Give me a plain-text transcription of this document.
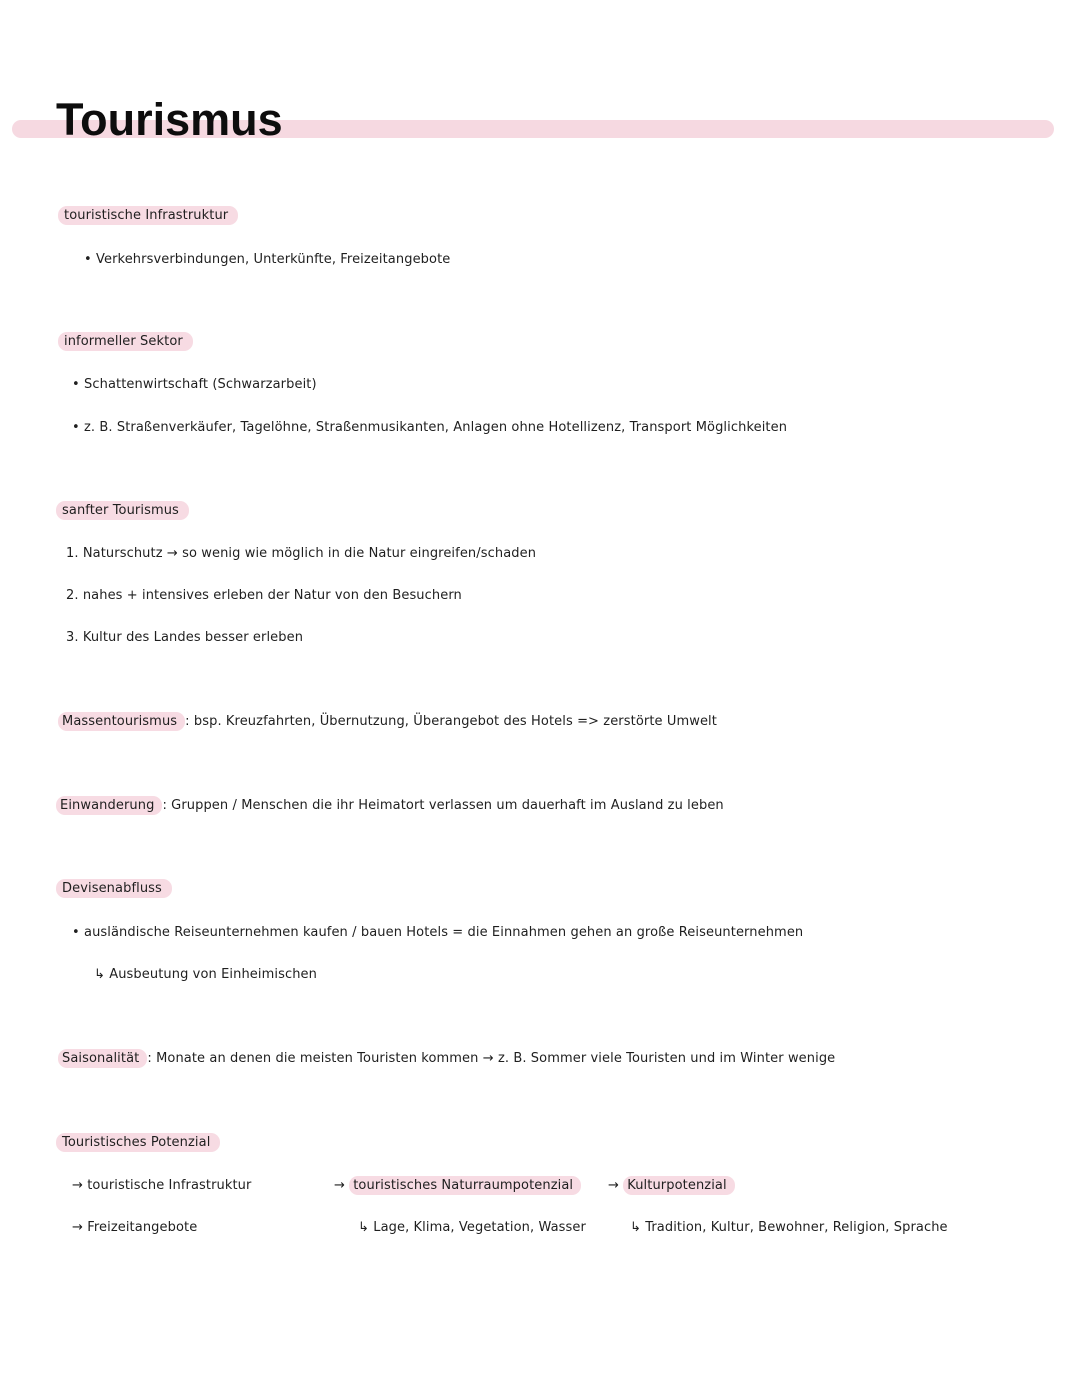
Tourismus
touristische Infrastruktur
• Verkehrsverbindungen, Unterkünfte, Freizeitangebote
informeller Sektor
• Schattenwirtschaft (Schwarzarbeit)
• z. B. Straßenverkäufer, Tagelöhne, Straßenmusikanten, Anlagen ohne Hotellizenz, Transport Möglichkeiten
sanfter Tourismus
1. Naturschutz → so wenig wie möglich in die Natur eingreifen/schaden
2. nahes + intensives erleben der Natur von den Besuchern
3. Kultur des Landes besser erleben
Massentourismus : bsp. Kreuzfahrten, Übernutzung, Überangebot des Hotels => zerstörte Umwelt
Einwanderung : Gruppen / Menschen die ihr Heimatort verlassen um dauerhaft im Ausland zu leben
Devisenabfluss
• ausländische Reiseunternehmen kaufen / bauen Hotels = die Einnahmen gehen an große Reiseunternehmen
↳ Ausbeutung von Einheimischen
Saisonalität : Monate an denen die meisten Touristen kommen → z. B. Sommer viele Touristen und im Winter wenige
Touristisches Potenzial
→ touristische Infrastruktur
→ Freizeitangebote
→ touristisches Naturraumpotenzial
↳ Lage, Klima, Vegetation, Wasser
→ Kulturpotenzial
↳ Tradition, Kultur, Bewohner, Religion, Sprache
